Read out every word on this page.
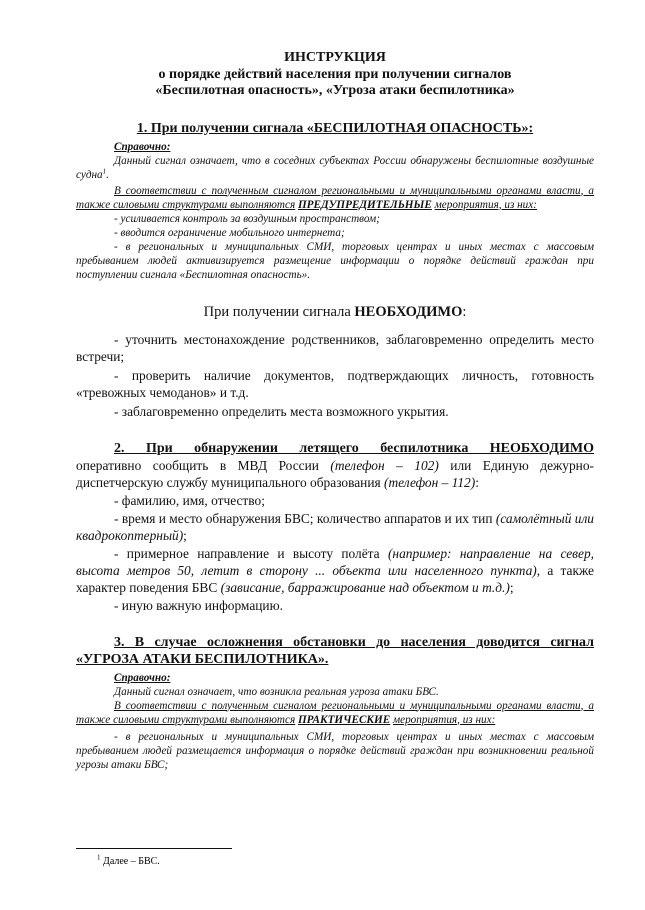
ИНСТРУКЦИЯ

о порядке действий населения при получении сигналов

«Беспилотная опасность», «Угроза атаки беспилотника»

1. При получении сигнала «БЕСПИЛОТНАЯ ОПАСНОСТЬ»:

Справочно:

Данный сигнал означает, что в соседних субъектах России обнаружены беспилотные воздушные судна$^1$.

В соответствии с полученным сигналом региональными и муниципальными органами власти, а также силовыми структурами выполняются ПРЕДУПРЕДИТЕЛЬНЫЕ мероприятия, из них:

- усиливается контроль за воздушным пространством;

- вводится ограничение мобильного интернета;

- в региональных и муниципальных СМИ, торговых центрах и иных местах с массовым пребыванием людей активизируется размещение информации о порядке действий граждан при поступлении сигнала «Беспилотная опасность».

При получении сигнала НЕОБХОДИМО:

- уточнить местонахождение родственников, заблаговременно определить место встречи;

- проверить наличие документов, подтверждающих личность, готовность «тревожных чемоданов» и т.д.

- заблаговременно определить места возможного укрытия.

2. При обнаружении летящего беспилотника НЕОБХОДИМО

оперативно сообщить в МВД России (телефон – 102) или Единую дежурно-диспетчерскую службу муниципального образования (телефон – 112):

- фамилию, имя, отчество;

- время и место обнаружения БВС; количество аппаратов и их тип (самолётный или квадрокоптерный);

- примерное направление и высоту полёта (например: направление на север, высота метров 50, летит в сторону ... объекта или населенного пункта), а также характер поведения БВС (зависание, барражирование над объектом и т.д.);

- иную важную информацию.

3. В случае осложнения обстановки до населения доводится сигнал «УГРОЗА АТАКИ БЕСПИЛОТНИКА».

Справочно:

Данный сигнал означает, что возникла реальная угроза атаки БВС.

В соответствии с полученным сигналом региональными и муниципальными органами власти, а также силовыми структурами выполняются ПРАКТИЧЕСКИЕ мероприятия, из них:

- в региональных и муниципальных СМИ, торговых центрах и иных местах с массовым пребыванием людей размещается информация о порядке действий граждан при возникновении реальной угрозы атаки БВС;

$^1$ Далее – БВС.
